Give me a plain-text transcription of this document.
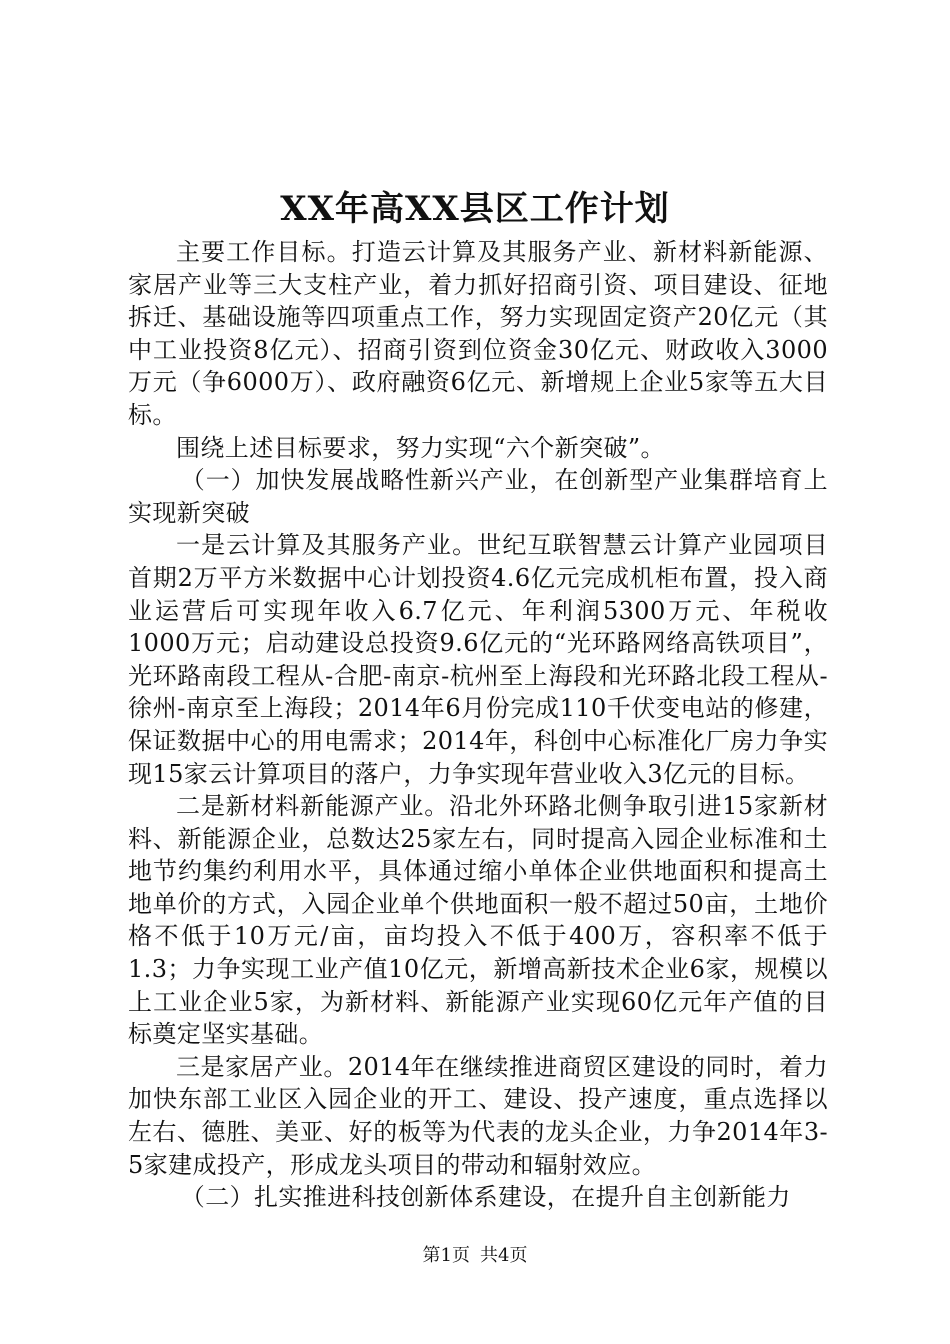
XX年高XX县区工作计划

主要工作目标。打造云计算及其服务产业、新材料新能源、家居产业等三大支柱产业，着力抓好招商引资、项目建设、征地拆迁、基础设施等四项重点工作，努力实现固定资产20亿元（其中工业投资8亿元）、招商引资到位资金30亿元、财政收入3000万元（争6000万）、政府融资6亿元、新增规上企业5家等五大目标。

围绕上述目标要求，努力实现“六个新突破”。

（一）加快发展战略性新兴产业，在创新型产业集群培育上实现新突破

一是云计算及其服务产业。世纪互联智慧云计算产业园项目首期2万平方米数据中心计划投资4.6亿元完成机柜布置，投入商业运营后可实现年收入6.7亿元、年利润5300万元、年税收1000万元；启动建设总投资9.6亿元的“光环路网络高铁项目”，光环路南段工程从-合肥-南京-杭州至上海段和光环路北段工程从-徐州-南京至上海段；2014年6月份完成110千伏变电站的修建，保证数据中心的用电需求；2014年，科创中心标准化厂房力争实现15家云计算项目的落户，力争实现年营业收入3亿元的目标。

二是新材料新能源产业。沿北外环路北侧争取引进15家新材料、新能源企业，总数达25家左右，同时提高入园企业标准和土地节约集约利用水平，具体通过缩小单体企业供地面积和提高土地单价的方式，入园企业单个供地面积一般不超过50亩，土地价格不低于10万元/亩，亩均投入不低于400万，容积率不低于1.3；力争实现工业产值10亿元，新增高新技术企业6家，规模以上工业企业5家，为新材料、新能源产业实现60亿元年产值的目标奠定坚实基础。

三是家居产业。2014年在继续推进商贸区建设的同时，着力加快东部工业区入园企业的开工、建设、投产速度，重点选择以左右、德胜、美亚、好的板等为代表的龙头企业，力争2014年3-5家建成投产，形成龙头项目的带动和辐射效应。

（二）扎实推进科技创新体系建设，在提升自主创新能力

第1页 共4页
